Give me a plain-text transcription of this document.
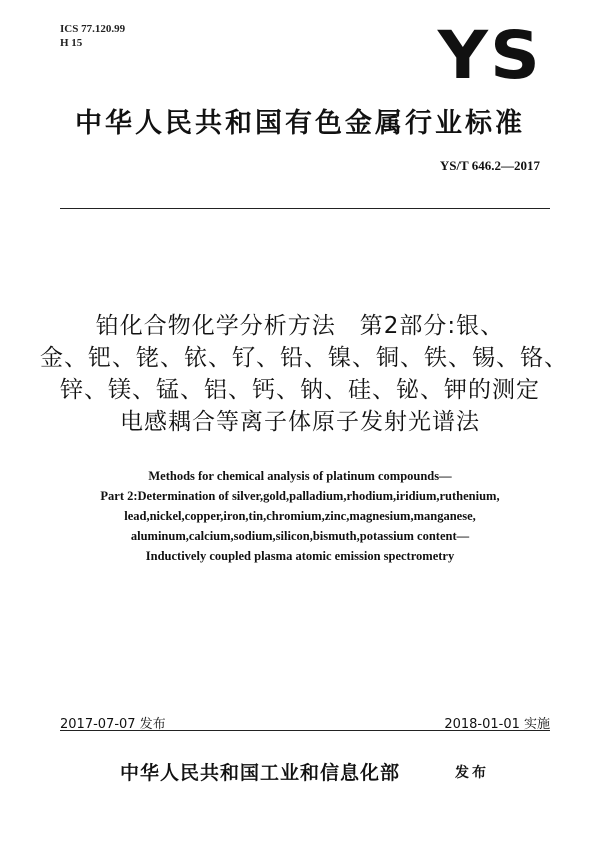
ICS 77.120.99
H 15	YS
中华人民共和国有色金属行业标准
YS/T 646.2—2017
铂化合物化学分析方法　第2部分:银、
金、钯、铑、铱、钌、铅、镍、铜、铁、锡、铬、
锌、镁、锰、铝、钙、钠、硅、铋、钾的测定
电感耦合等离子体原子发射光谱法
Methods for chemical analysis of platinum compounds—
Part 2:Determination of silver,gold,palladium,rhodium,iridium,ruthenium,
lead,nickel,copper,iron,tin,chromium,zinc,magnesium,manganese,
aluminum,calcium,sodium,silicon,bismuth,potassium content—
Inductively coupled plasma atomic emission spectrometry
2017-07-07 发布	2018-01-01 实施
中华人民共和国工业和信息化部	发布
